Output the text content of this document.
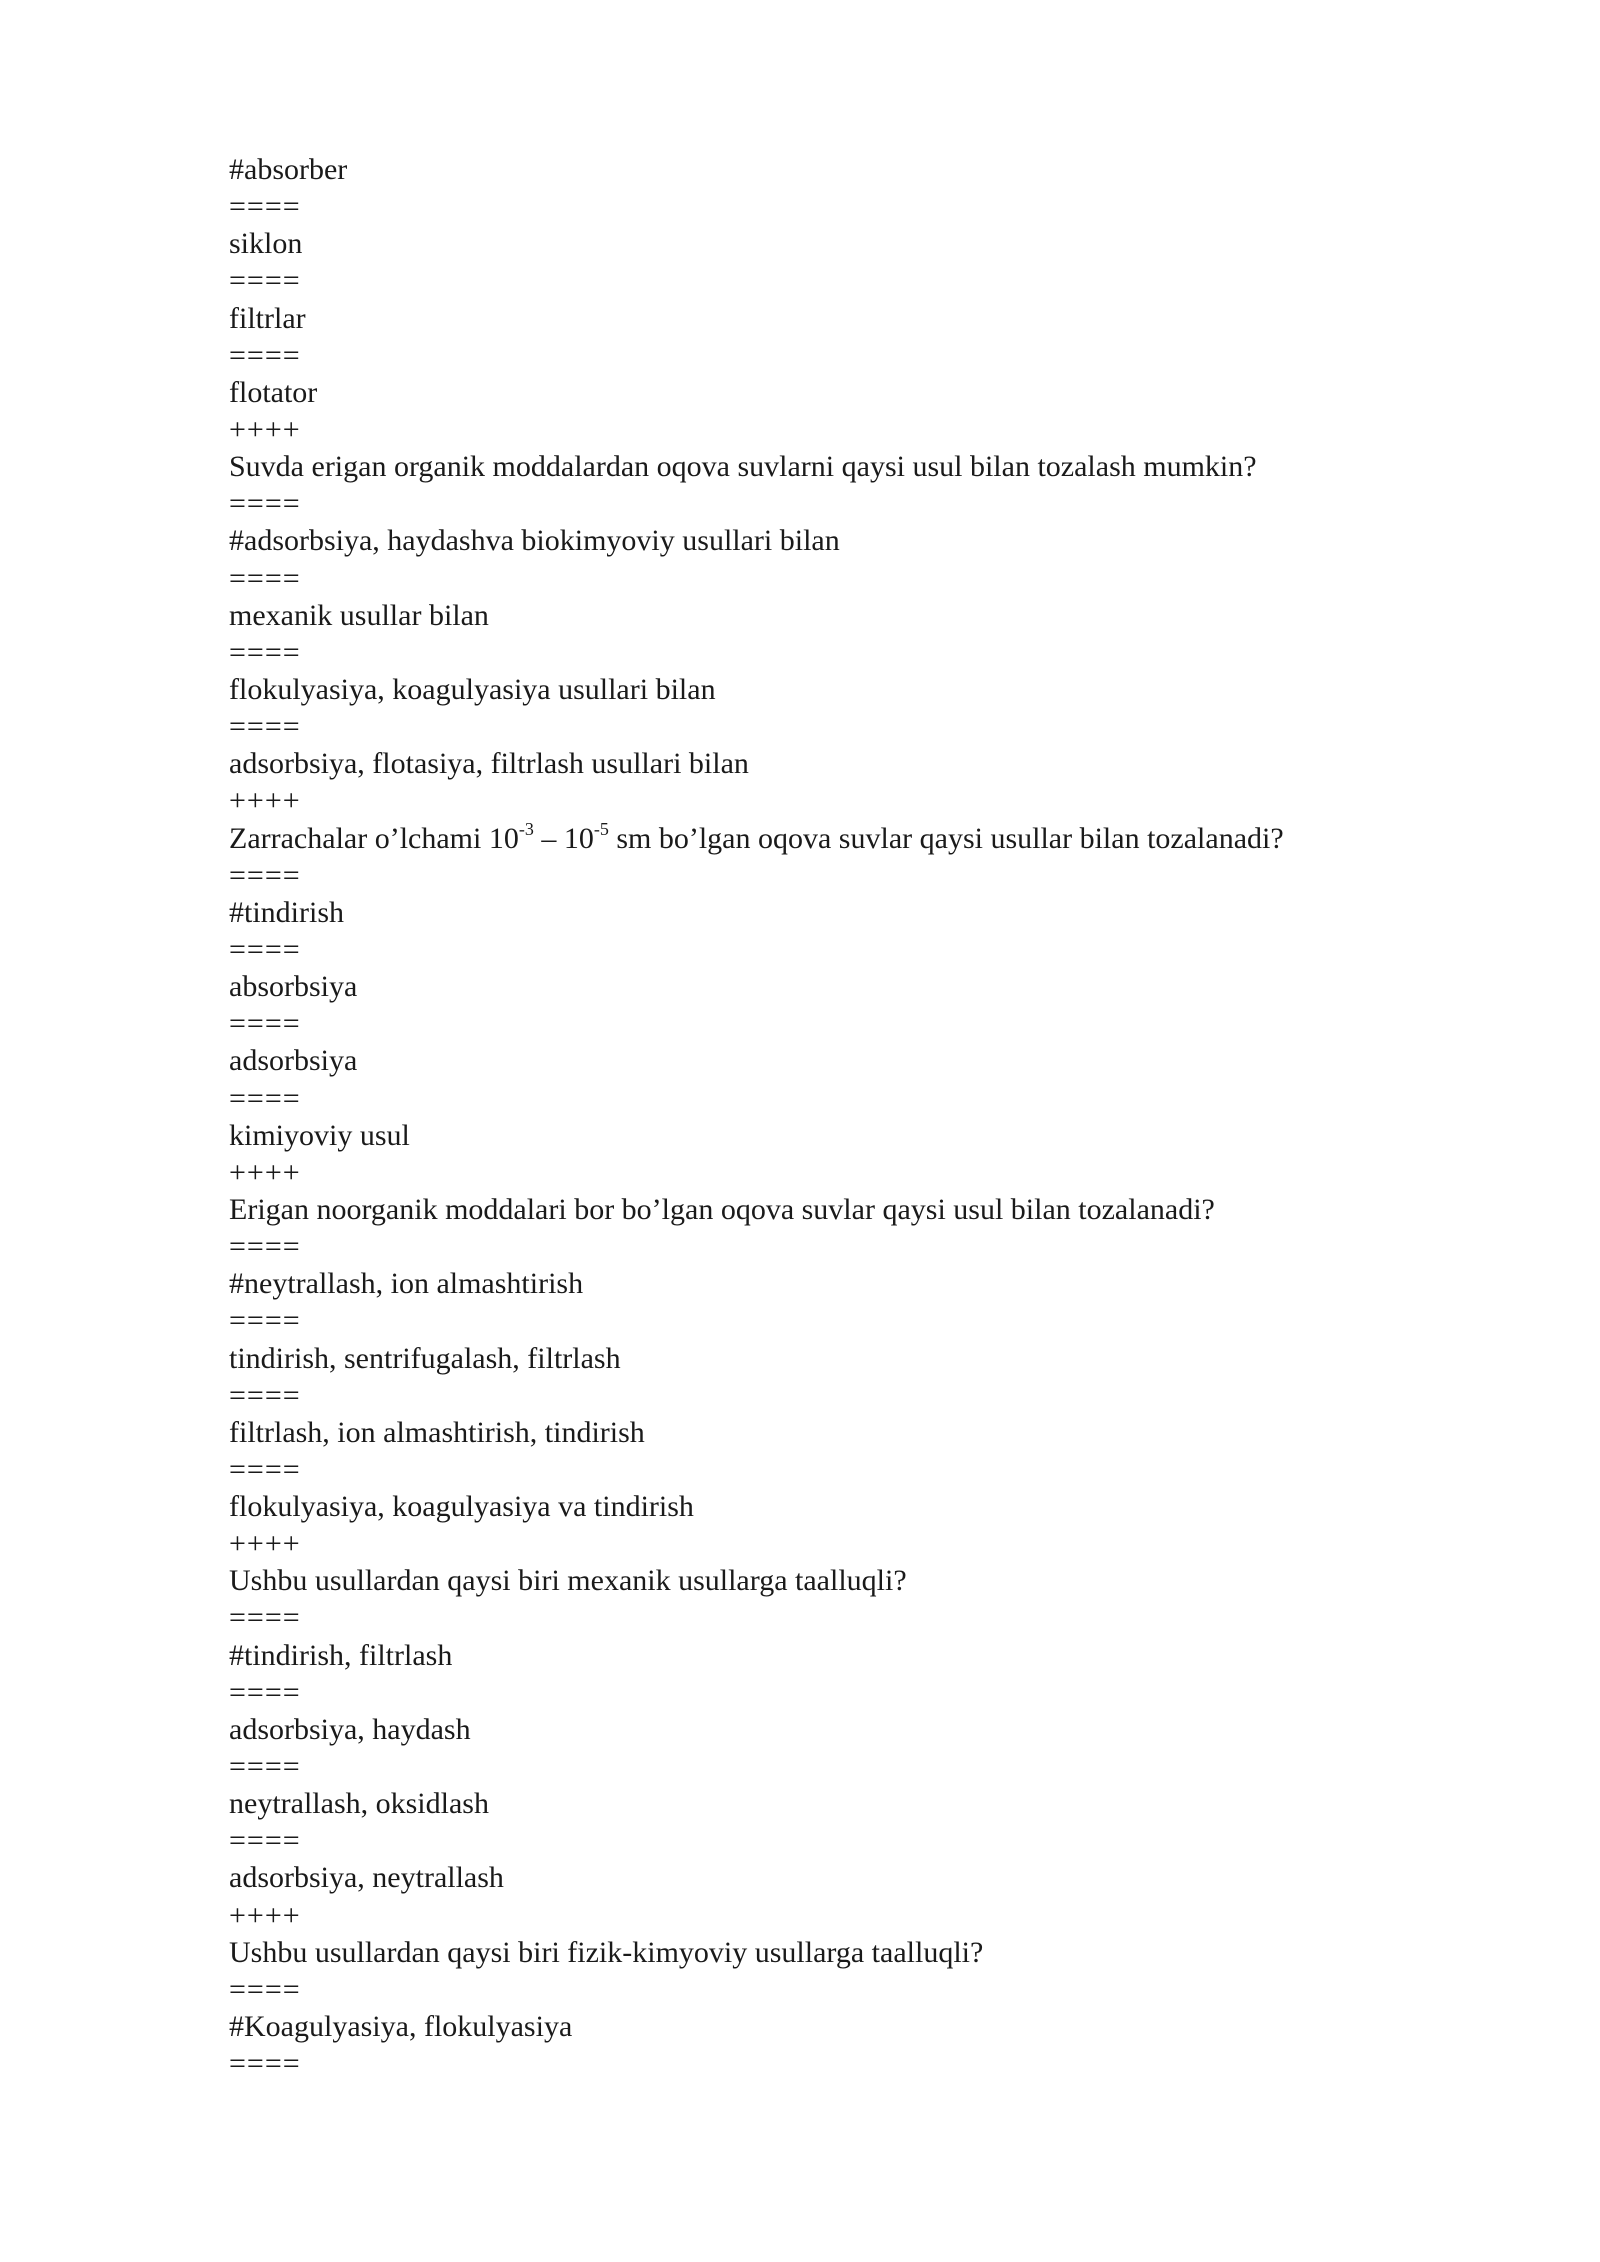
#absorber
====
siklon
====
filtrlar
====
flotator
++++
Suvda erigan organik moddalardan oqova suvlarni qaysi usul bilan tozalash mumkin?
====
#adsorbsiya, haydashva biokimyoviy usullari bilan
====
mexanik usullar bilan
====
flokulyasiya, koagulyasiya usullari bilan
====
adsorbsiya, flotasiya, filtrlash usullari bilan
++++
Zarrachalar o’lchami $10^{-3} - 10^{-5}$ sm bo’lgan oqova suvlar qaysi usullar bilan tozalanadi?
====
#tindirish
====
absorbsiya
====
adsorbsiya
====
kimiyoviy usul
++++
Erigan noorganik moddalari bor bo’lgan oqova suvlar qaysi usul bilan tozalanadi?
====
#neytrallash, ion almashtirish
====
tindirish, sentrifugalash, filtrlash
====
filtrlash, ion almashtirish, tindirish
====
flokulyasiya, koagulyasiya va tindirish
++++
Ushbu usullardan qaysi biri mexanik usullarga taalluqli?
====
#tindirish, filtrlash
====
adsorbsiya, haydash
====
neytrallash, oksidlash
====
adsorbsiya, neytrallash
++++
Ushbu usullardan qaysi biri fizik-kimyoviy usullarga taalluqli?
====
#Koagulyasiya, flokulyasiya
====
